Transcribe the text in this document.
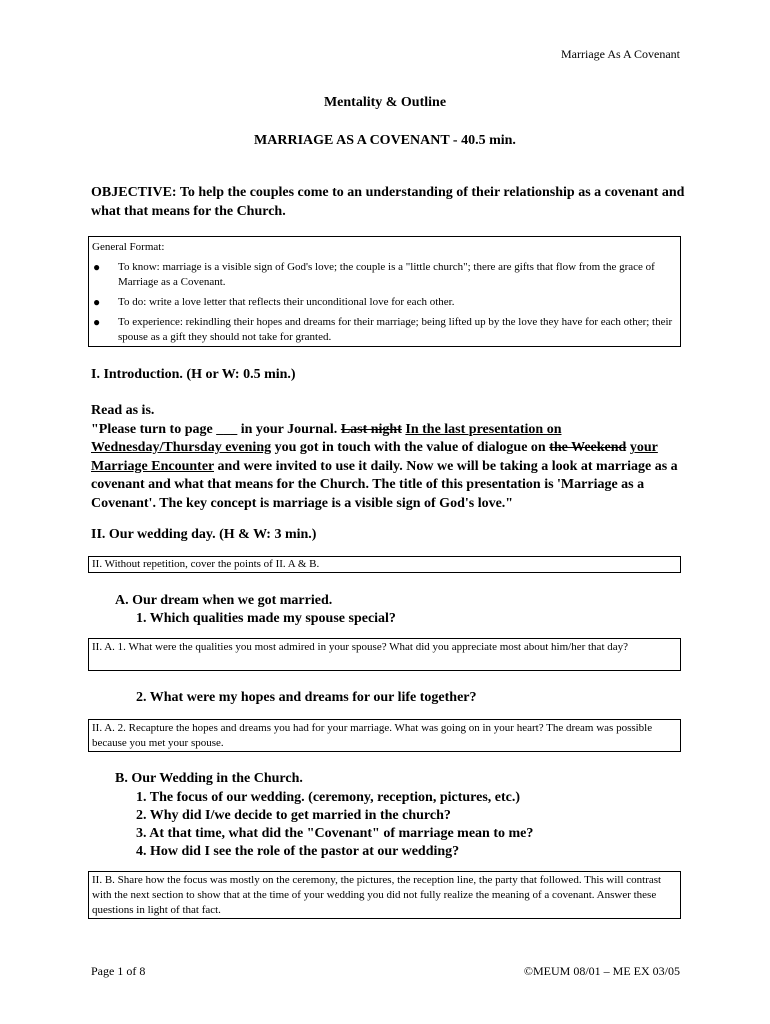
Marriage As A Covenant
Mentality & Outline
MARRIAGE AS A COVENANT - 40.5 min.
OBJECTIVE: To help the couples come to an understanding of their relationship as a covenant and what that means for the Church.
General Format:
●	To know: marriage is a visible sign of God's love; the couple is a "little church"; there are gifts that flow from the grace of Marriage as a Covenant.
●	To do: write a love letter that reflects their unconditional love for each other.
●	To experience: rekindling their hopes and dreams for their marriage; being lifted up by the love they have for each other; their spouse as a gift they should not take for granted.
I. Introduction. (H or W: 0.5 min.)
Read as is.
"Please turn to page ___ in your Journal. Last night In the last presentation on Wednesday/Thursday evening you got in touch with the value of dialogue on the Weekend your Marriage Encounter and were invited to use it daily. Now we will be taking a look at marriage as a covenant and what that means for the Church. The title of this presentation is 'Marriage as a Covenant'. The key concept is marriage is a visible sign of God's love."
II. Our wedding day. (H & W: 3 min.)
II. Without repetition, cover the points of II. A & B.
A. Our dream when we got married.
1. Which qualities made my spouse special?
II. A. 1. What were the qualities you most admired in your spouse? What did you appreciate most about him/her that day?
2. What were my hopes and dreams for our life together?
II. A. 2. Recapture the hopes and dreams you had for your marriage. What was going on in your heart? The dream was possible because you met your spouse.
B. Our Wedding in the Church.
1. The focus of our wedding. (ceremony, reception, pictures, etc.)
2. Why did I/we decide to get married in the church?
3. At that time, what did the "Covenant" of marriage mean to me?
4. How did I see the role of the pastor at our wedding?
II. B. Share how the focus was mostly on the ceremony, the pictures, the reception line, the party that followed. This will contrast with the next section to show that at the time of your wedding you did not fully realize the meaning of a covenant. Answer these questions in light of that fact.
Page 1 of 8	©MEUM 08/01 – ME EX 03/05
